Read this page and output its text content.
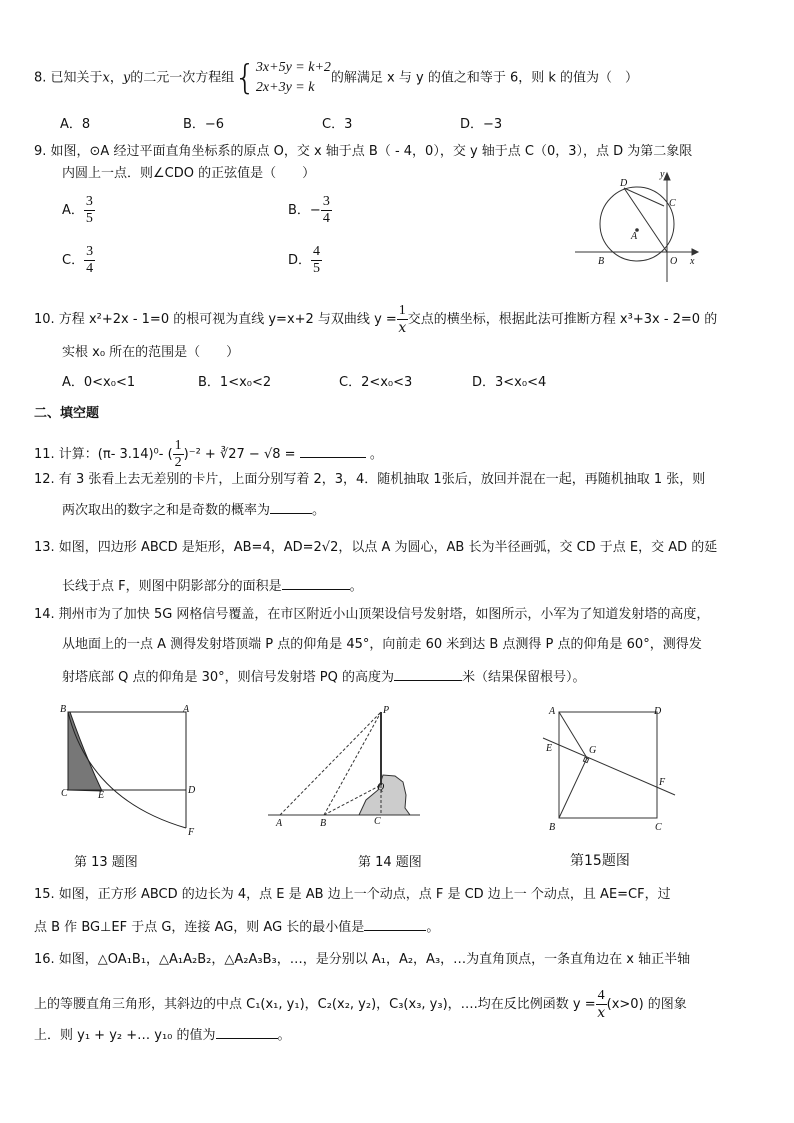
8. 已知关于x，y的二元一次方程组{ 3x+5y = k+2
2x+3y = k
的解满足 x 与 y 的值之和等于 6，则 k 的值为（　）
A．8	B．−6	C．3	D．−3
9. 如图，⊙A 经过平面直角坐标系的原点 O，交 x 轴于点 B（ - 4，0），交 y 轴于点 C（0，3），点 D 为第二象限
内圆上一点．则∠CDO 的正弦值是（　　）
A． $\frac{3}{5}$	B．− $\frac{3}{4}$
C． $\frac{3}{4}$	D． $\frac{4}{5}$
D
C
A
B	O x
y
10. 方程 x²+2x - 1=0 的根可视为直线 y=x+2 与双曲线 $y = \frac{1}{x}$ 交点的横坐标，根据此法可推断方程 x³+3x - 2=0 的
实根 x₀ 所在的范围是（　　）
A．0<x₀<1	B．1<x₀<2	C．2<x₀<3	D．3<x₀<4
二、填空题
11. 计算：(π- 3.14)⁰- ( $\frac{1}{2} )^{-2}$ + ∛27 − √8 =	。
12. 有 3 张看上去无差别的卡片，上面分别写着 2，3，4．随机抽取 1张后，放回并混在一起，再随机抽取 1 张，则
两次取出的数字之和是奇数的概率为	。
13. 如图，四边形 ABCD 是矩形，AB=4，AD=2√2，以点 A 为圆心，AB 长为半径画弧，交 CD 于点 E，交 AD 的延
长线于点 F，则图中阴影部分的面积是	。
14. 荆州市为了加快 5G 网格信号覆盖，在市区附近小山顶架设信号发射塔，如图所示，小军为了知道发射塔的高度，
从地面上的一点 A 测得发射塔顶端 P 点的仰角是 45°，向前走 60 米到达 B 点测得 P 点的仰角是 60°，测得发
射塔底部 Q 点的仰角是 30°，则信号发射塔 PQ 的高度为	米（结果保留根号）。
B	A
C	E	D
F
P
Q
A	B	C
A	D
E	G
F
B	C
第 13 题图	第 14 题图	第15题图
15. 如图，正方形 ABCD 的边长为 4，点 E 是 AB 边上一个动点，点 F 是 CD 边上一 个动点，且 AE=CF，过
点 B 作 BG⊥EF 于点 G，连接 AG，则 AG 长的最小值是	。
16. 如图，△OA₁B₁，△A₁A₂B₂，△A₂A₃B₃，…，是分别以 A₁，A₂，A₃，…为直角顶点，一条直角边在 x 轴正半轴
上的等腰直角三角形，其斜边的中点 C₁(x₁, y₁)，C₂(x₂, y₂)，C₃(x₃, y₃)，….均在反比例函数 $y = \frac{4}{x} (x>0)$ 的图象
上．则 y₁ + y₂ +… y₁₀ 的值为	。
